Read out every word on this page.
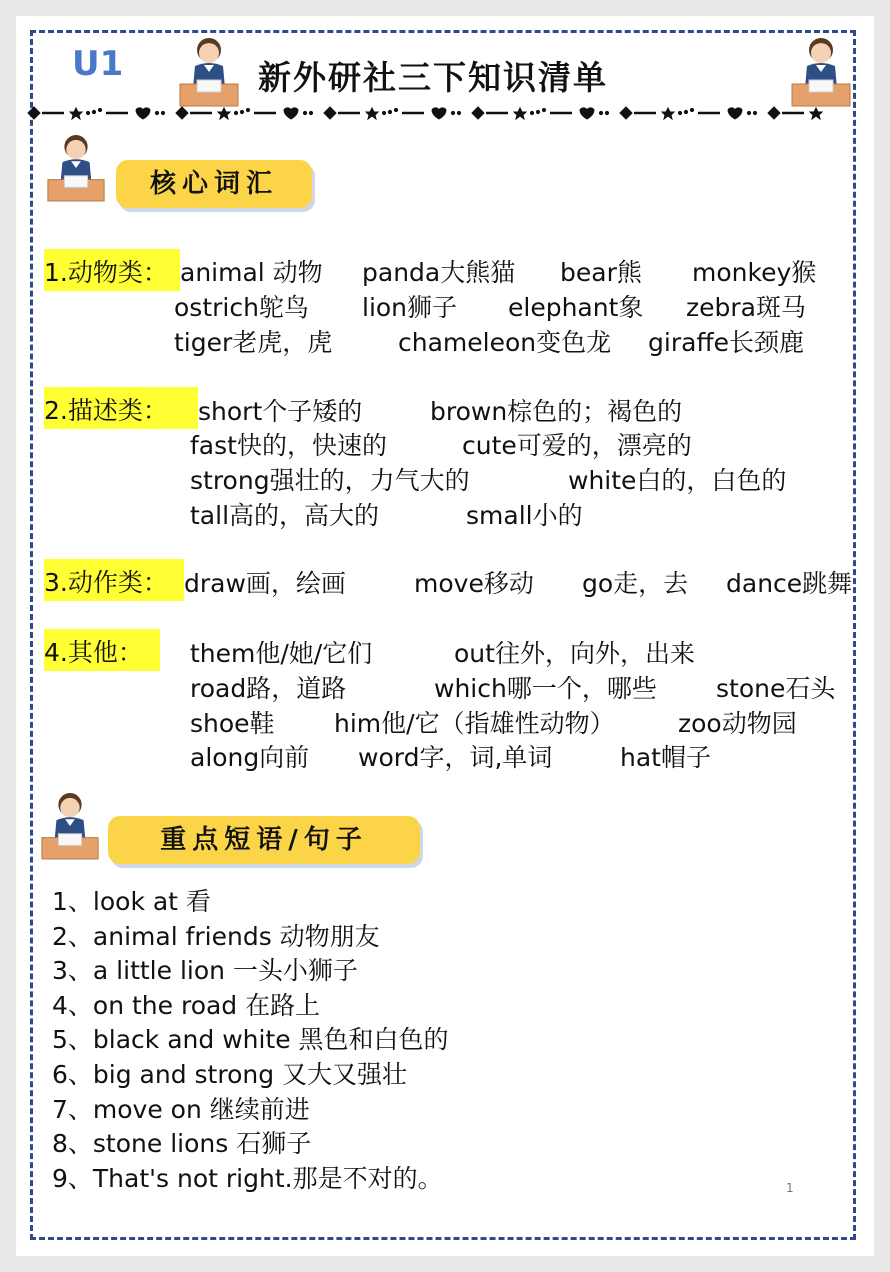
U1	新外研社三下知识清单
核心词汇
1.动物类： animal 动物 panda大熊猫 bear熊 monkey猴
ostrich鸵鸟 lion狮子 elephant象 zebra斑马
tiger老虎，虎	chameleon变色龙 giraffe长颈鹿
2.描述类：	short个子矮的	brown棕色的；褐色的
fast快的，快速的	cute可爱的，漂亮的
strong强壮的，力气大的	white白的，白色的
tall高的，高大的	small小的
3.动作类： draw画，绘画	move移动 go走，去 dance跳舞
4.其他：	them他/她/它们	out往外，向外，出来
road路，道路	which哪一个，哪些 stone石头
shoe鞋 him他/它（指雄性动物）	zoo动物园
along向前 word字，词,单词	hat帽子
重点短语/句子
1、look at 看
2、animal friends 动物朋友
3、a little lion 一头小狮子
4、on the road 在路上
5、black and white 黑色和白色的
6、big and strong 又大又强壮
7、move on 继续前进
8、stone lions 石狮子
9、That's not right.那是不对的。	1
